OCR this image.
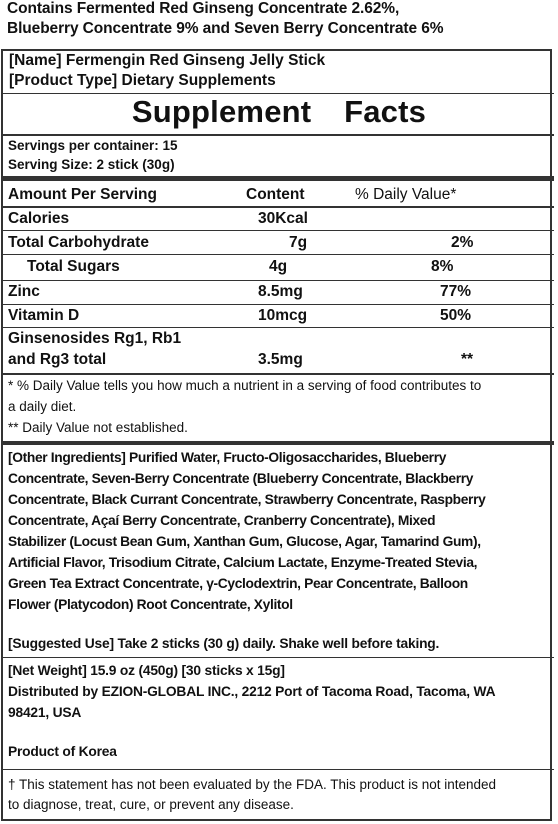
Contains Fermented Red Ginseng Concentrate 2.62%,
Blueberry Concentrate 9% and Seven Berry Concentrate 6%
[Name] Fermengin Red Ginseng Jelly Stick
[Product Type] Dietary Supplements
Supplement Facts
Servings per container: 15
Serving Size: 2 stick (30g)
Amount Per Serving	Content	% Daily Value*
Calories	30Kcal
Total Carbohydrate	7g	2%
Total Sugars	4g	8%
Zinc	8.5mg	77%
Vitamin D	10mcg	50%
Ginsenosides Rg1, Rb1
and Rg3 total	3.5mg	**
* % Daily Value tells you how much a nutrient in a serving of food contributes to
a daily diet.
** Daily Value not established.
[Other Ingredients] Purified Water, Fructo-Oligosaccharides, Blueberry
Concentrate, Seven-Berry Concentrate (Blueberry Concentrate, Blackberry
Concentrate, Black Currant Concentrate, Strawberry Concentrate, Raspberry
Concentrate, Açaí Berry Concentrate, Cranberry Concentrate), Mixed
Stabilizer (Locust Bean Gum, Xanthan Gum, Glucose, Agar, Tamarind Gum),
Artificial Flavor, Trisodium Citrate, Calcium Lactate, Enzyme-Treated Stevia,
Green Tea Extract Concentrate, γ-Cyclodextrin, Pear Concentrate, Balloon
Flower (Platycodon) Root Concentrate, Xylitol
[Suggested Use] Take 2 sticks (30 g) daily. Shake well before taking.
[Net Weight] 15.9 oz (450g) [30 sticks x 15g]
Distributed by EZION-GLOBAL INC., 2212 Port of Tacoma Road, Tacoma, WA
98421, USA
Product of Korea
† This statement has not been evaluated by the FDA. This product is not intended
to diagnose, treat, cure, or prevent any disease.
